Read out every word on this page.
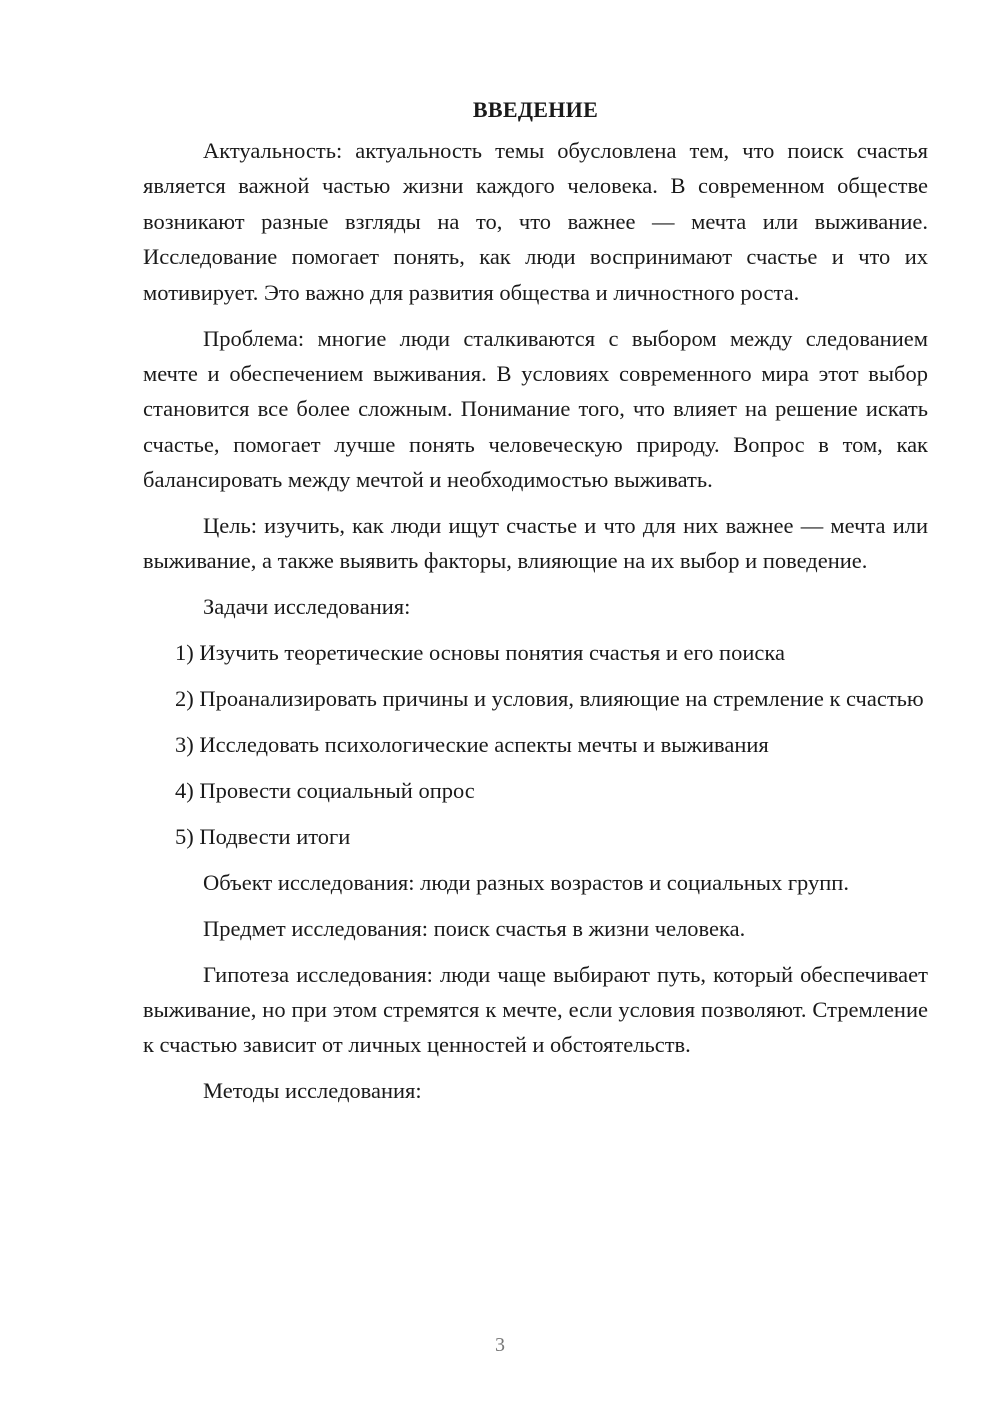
ВВЕДЕНИЕ

Актуальность: актуальность темы обусловлена тем, что поиск счастья является важной частью жизни каждого человека. В современном обществе возникают разные взгляды на то, что важнее — мечта или выживание. Исследование помогает понять, как люди воспринимают счастье и что их мотивирует. Это важно для развития общества и личностного роста.

Проблема: многие люди сталкиваются с выбором между следованием мечте и обеспечением выживания. В условиях современного мира этот выбор становится все более сложным. Понимание того, что влияет на решение искать счастье, помогает лучше понять человеческую природу. Вопрос в том, как балансировать между мечтой и необходимостью выживать.

Цель: изучить, как люди ищут счастье и что для них важнее — мечта или выживание, а также выявить факторы, влияющие на их выбор и поведение.

Задачи исследования:

1) Изучить теоретические основы понятия счастья и его поиска

2) Проанализировать причины и условия, влияющие на стремление к счастью

3) Исследовать психологические аспекты мечты и выживания

4) Провести социальный опрос

5) Подвести итоги

Объект исследования: люди разных возрастов и социальных групп.

Предмет исследования: поиск счастья в жизни человека.

Гипотеза исследования: люди чаще выбирают путь, который обеспечивает выживание, но при этом стремятся к мечте, если условия позволяют. Стремление к счастью зависит от личных ценностей и обстоятельств.

Методы исследования:

3
